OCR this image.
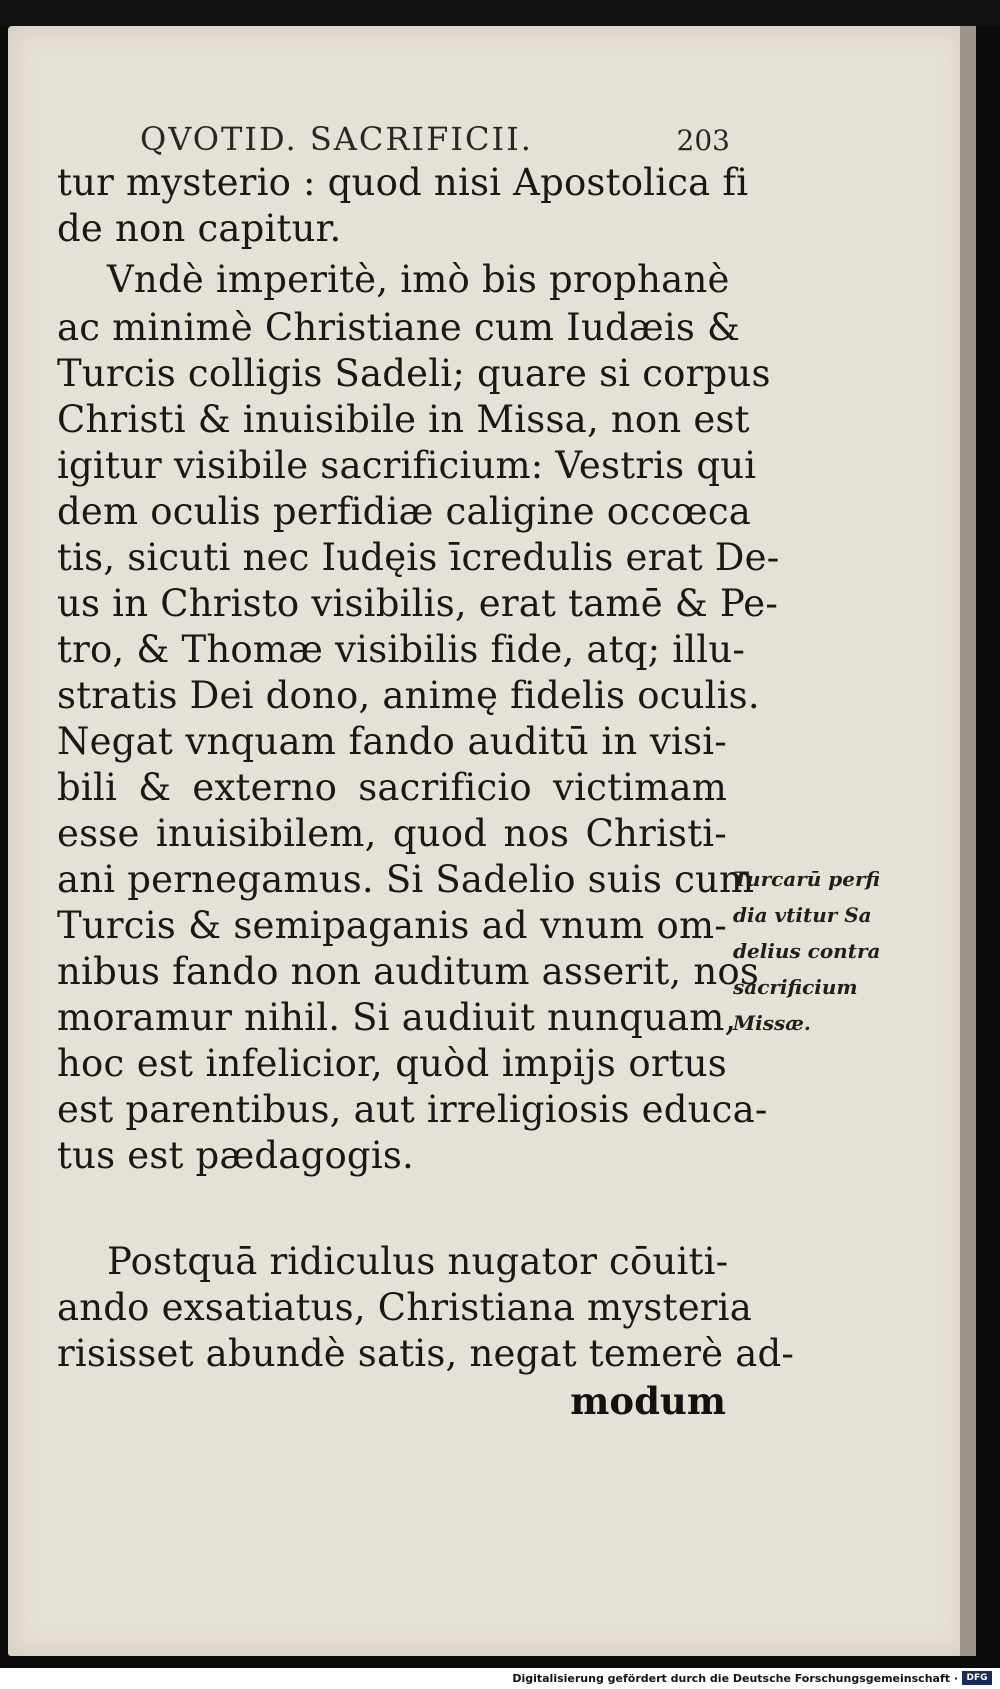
QVOTID. SACRIFICII.	203
tur mysterio : quod nisi Apostolica fi
de non capitur.
Vndè imperitè, imò bis prophanè
ac minimè Christiane cum Iudæis &
Turcis colligis Sadeli; quare si corpus
Christi & inuisibile in Missa, non est
igitur visibile sacrificium: Vestris qui
dem oculis perfidiæ caligine occœca
tis, sicuti nec Iudęis īcredulis erat De-
us in Christo visibilis, erat tamē & Pe-
tro, & Thomæ visibilis fide, atq; illu-
stratis Dei dono, animę fidelis oculis.
Negat vnquam fando auditū in visi-
bili & externo sacrificio victimam
esse inuisibilem, quod nos Christi-
ani pernegamus. Si Sadelio suis cum
Turcis & semipaganis ad vnum om-
nibus fando non auditum asserit, nos
moramur nihil. Si audiuit nunquam,
hoc est infelicior, quòd impijs ortus
est parentibus, aut irreligiosis educa-
tus est pædagogis.
Postquā ridiculus nugator cōuiti-
ando exsatiatus, Christiana mysteria
risisset abundè satis, negat temerè ad-
modum
Turcarū perfi
dia vtitur Sa
delius contra
sacrificium
Missæ.
Digitalisierung gefördert durch die Deutsche Forschungsgemeinschaft · DFG
